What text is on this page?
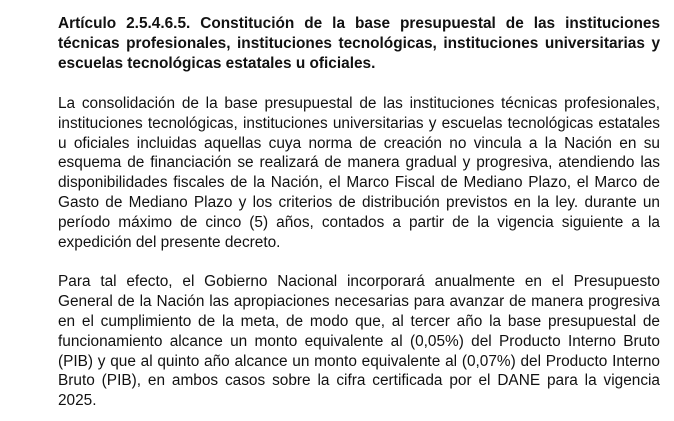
Artículo 2.5.4.6.5. Constitución de la base presupuestal de las instituciones técnicas profesionales, instituciones tecnológicas, instituciones universitarias y escuelas tecnológicas estatales u oficiales.

La consolidación de la base presupuestal de las instituciones técnicas profesionales, instituciones tecnológicas, instituciones universitarias y escuelas tecnológicas estatales u oficiales incluidas aquellas cuya norma de creación no vincula a la Nación en su esquema de financiación se realizará de manera gradual y progresiva, atendiendo las disponibilidades fiscales de la Nación, el Marco Fiscal de Mediano Plazo, el Marco de Gasto de Mediano Plazo y los criterios de distribución previstos en la ley. durante un período máximo de cinco (5) años, contados a partir de la vigencia siguiente a la expedición del presente decreto.

Para tal efecto, el Gobierno Nacional incorporará anualmente en el Presupuesto General de la Nación las apropiaciones necesarias para avanzar de manera progresiva en el cumplimiento de la meta, de modo que, al tercer año la base presupuestal de funcionamiento alcance un monto equivalente al (0,05%) del Producto Interno Bruto (PIB) y que al quinto año alcance un monto equivalente al (0,07%) del Producto Interno Bruto (PIB), en ambos casos sobre la cifra certificada por el DANE para la vigencia 2025.
